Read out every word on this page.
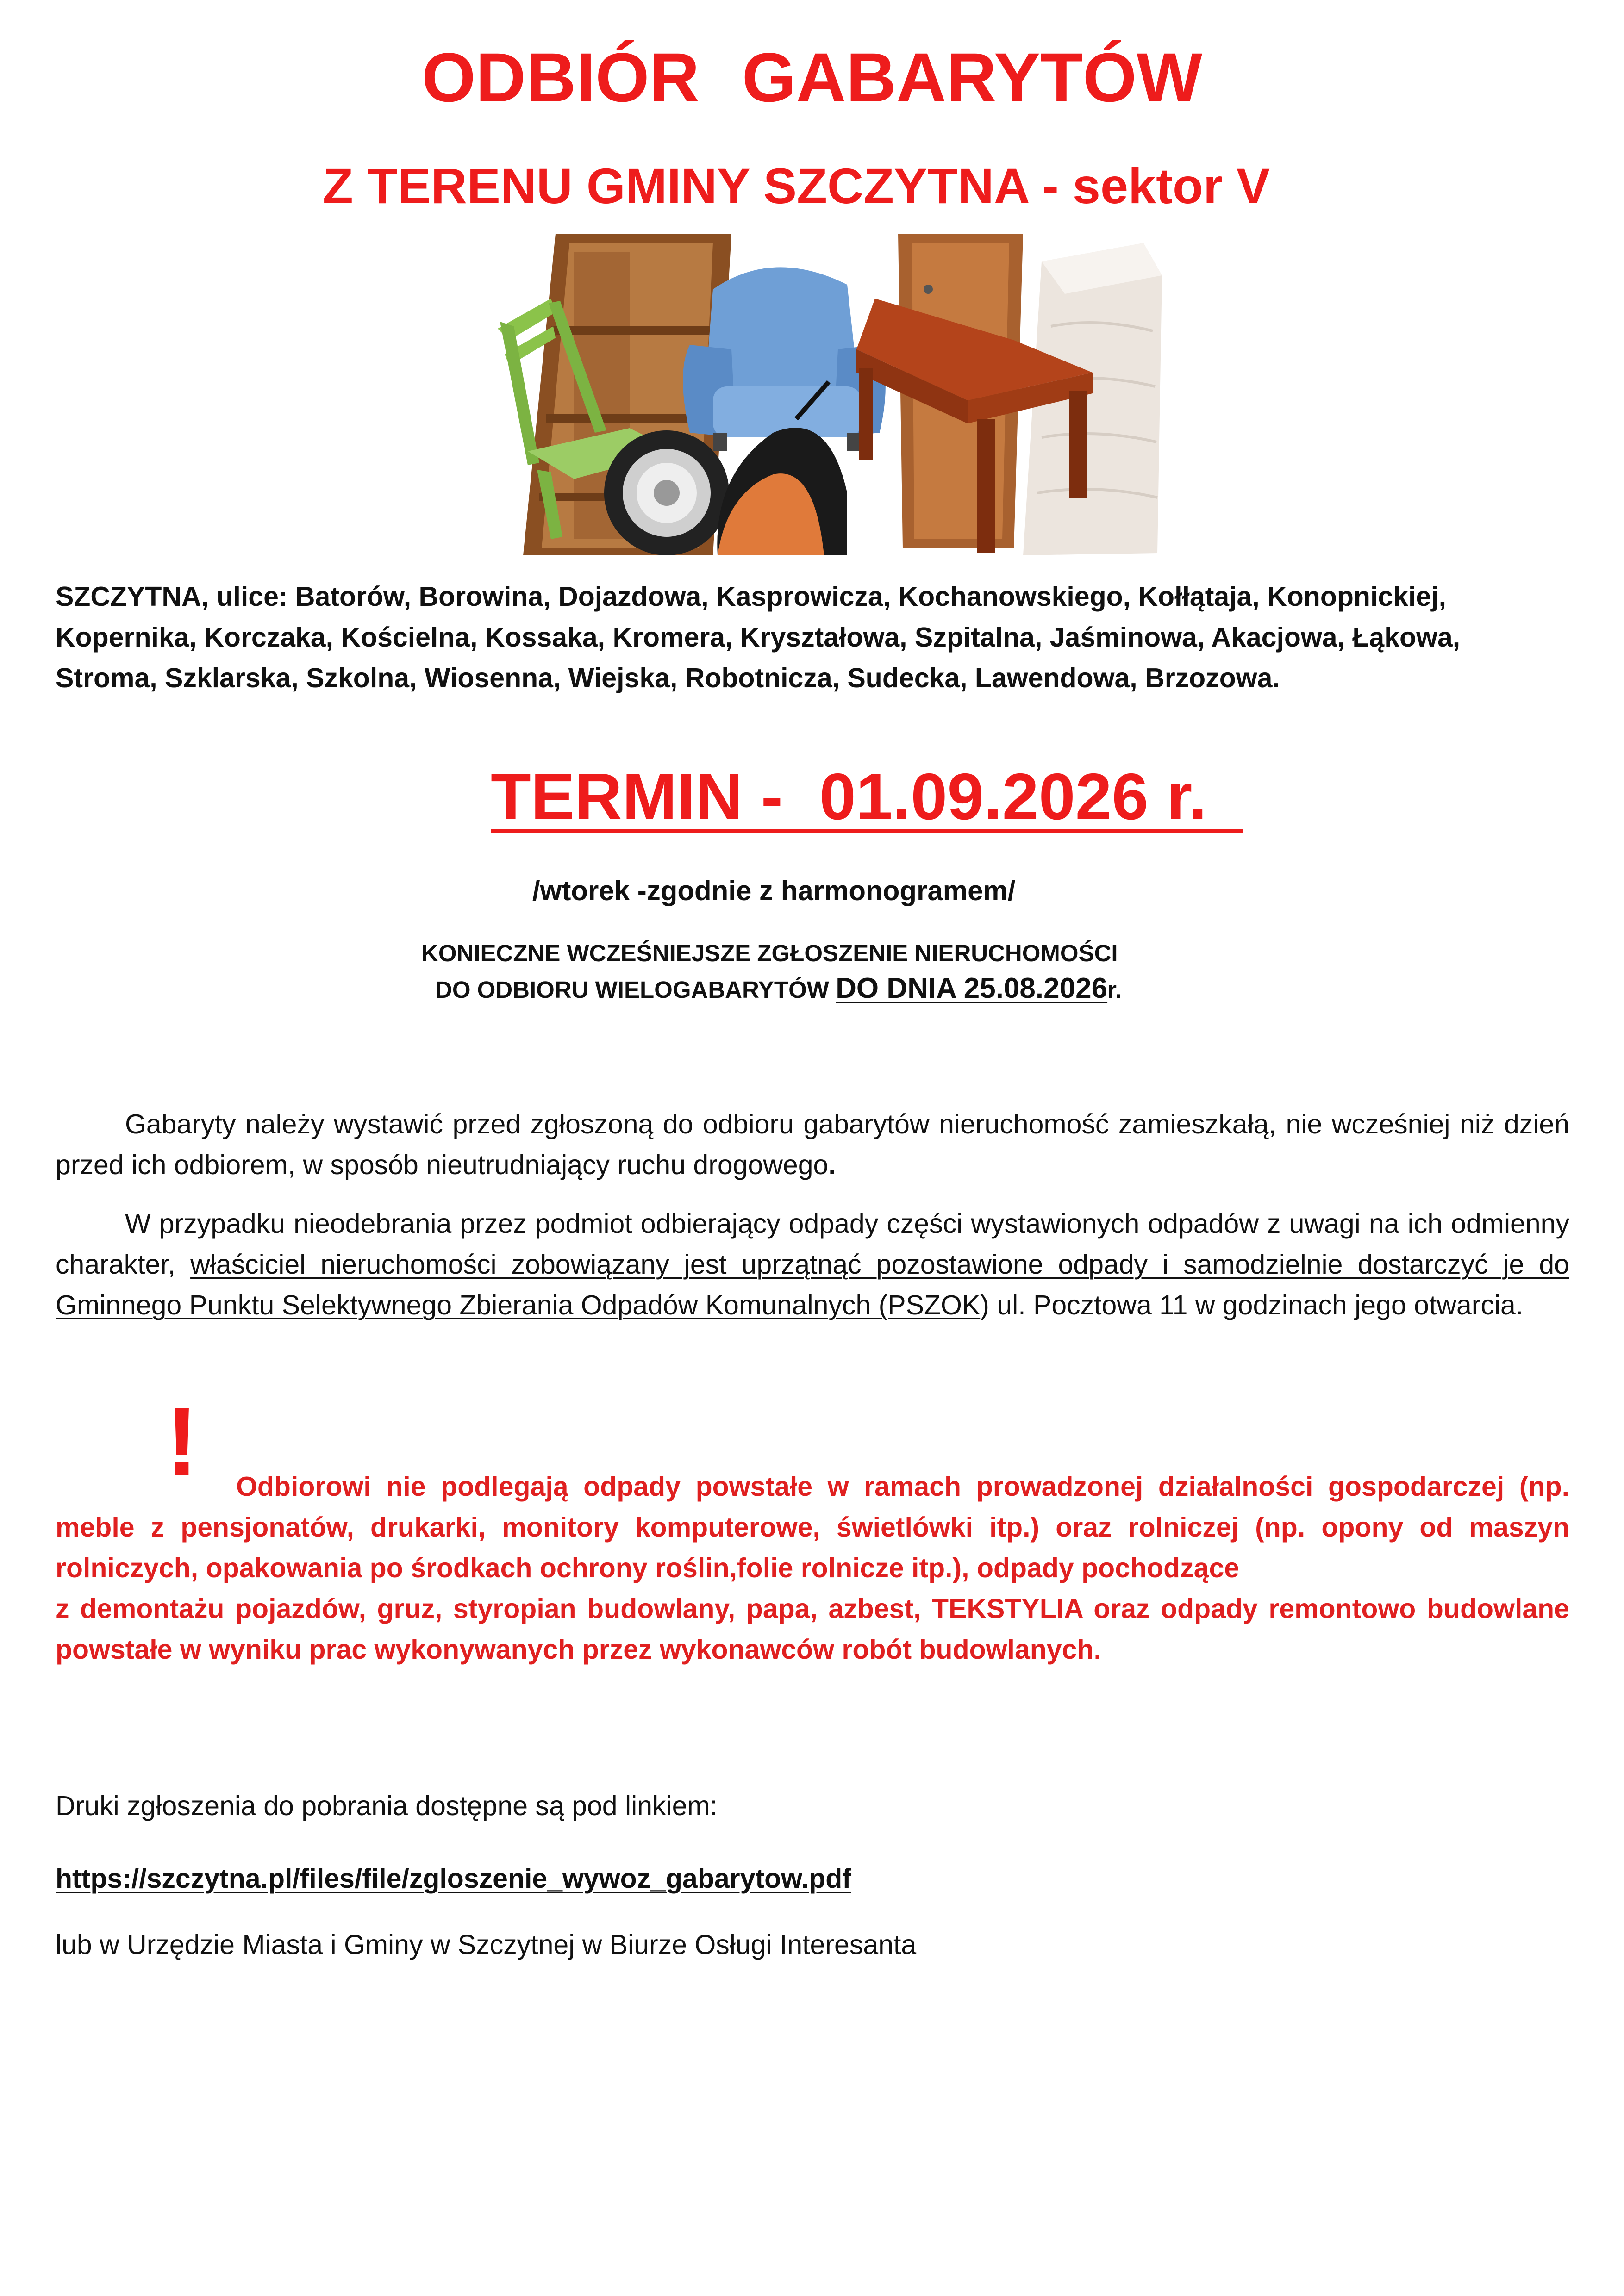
ODBIÓR GABARYTÓW
Z TERENU GMINY SZCZYTNA - sektor V

SZCZYTNA, ulice: Batorów, Borowina, Dojazdowa, Kasprowicza, Kochanowskiego, Kołłątaja, Konopnickiej, Kopernika, Korczaka, Kościelna, Kossaka, Kromera, Kryształowa, Szpitalna, Jaśminowa, Akacjowa, Łąkowa, Stroma, Szklarska, Szkolna, Wiosenna, Wiejska, Robotnicza, Sudecka, Lawendowa, Brzozowa.

TERMIN -  01.09.2026 r.
/wtorek -zgodnie z harmonogramem/
KONIECZNE WCZEŚNIEJSZE ZGŁOSZENIE NIERUCHOMOŚCI
DO ODBIORU WIELOGABARYTÓW DO DNIA 25.08.2026r.

Gabaryty należy wystawić przed zgłoszoną do odbioru gabarytów nieruchomość zamieszkałą, nie wcześniej niż dzień przed ich odbiorem, w sposób nieutrudniający ruchu drogowego.

W przypadku nieodebrania przez podmiot odbierający odpady części wystawionych odpadów z uwagi na ich odmienny charakter, właściciel nieruchomości zobowiązany jest uprzątnąć pozostawione odpady i samodzielnie dostarczyć je do Gminnego Punktu Selektywnego Zbierania Odpadów Komunalnych (PSZOK) ul. Pocztowa 11 w godzinach jego otwarcia.

!	Odbiorowi nie podlegają odpady powstałe w ramach prowadzonej działalności gospodarczej (np. meble z pensjonatów, drukarki, monitory komputerowe, świetlówki itp.) oraz rolniczej (np. opony od maszyn rolniczych, opakowania po środkach ochrony roślin,folie rolnicze itp.), odpady pochodzące
z demontażu pojazdów, gruz, styropian budowlany, papa, azbest, TEKSTYLIA oraz odpady remontowo budowlane powstałe w wyniku prac wykonywanych przez wykonawców robót budowlanych.

Druki zgłoszenia do pobrania dostępne są pod linkiem:
https://szczytna.pl/files/file/zgloszenie_wywoz_gabarytow.pdf
lub w Urzędzie Miasta i Gminy w Szczytnej w Biurze Osługi Interesanta
